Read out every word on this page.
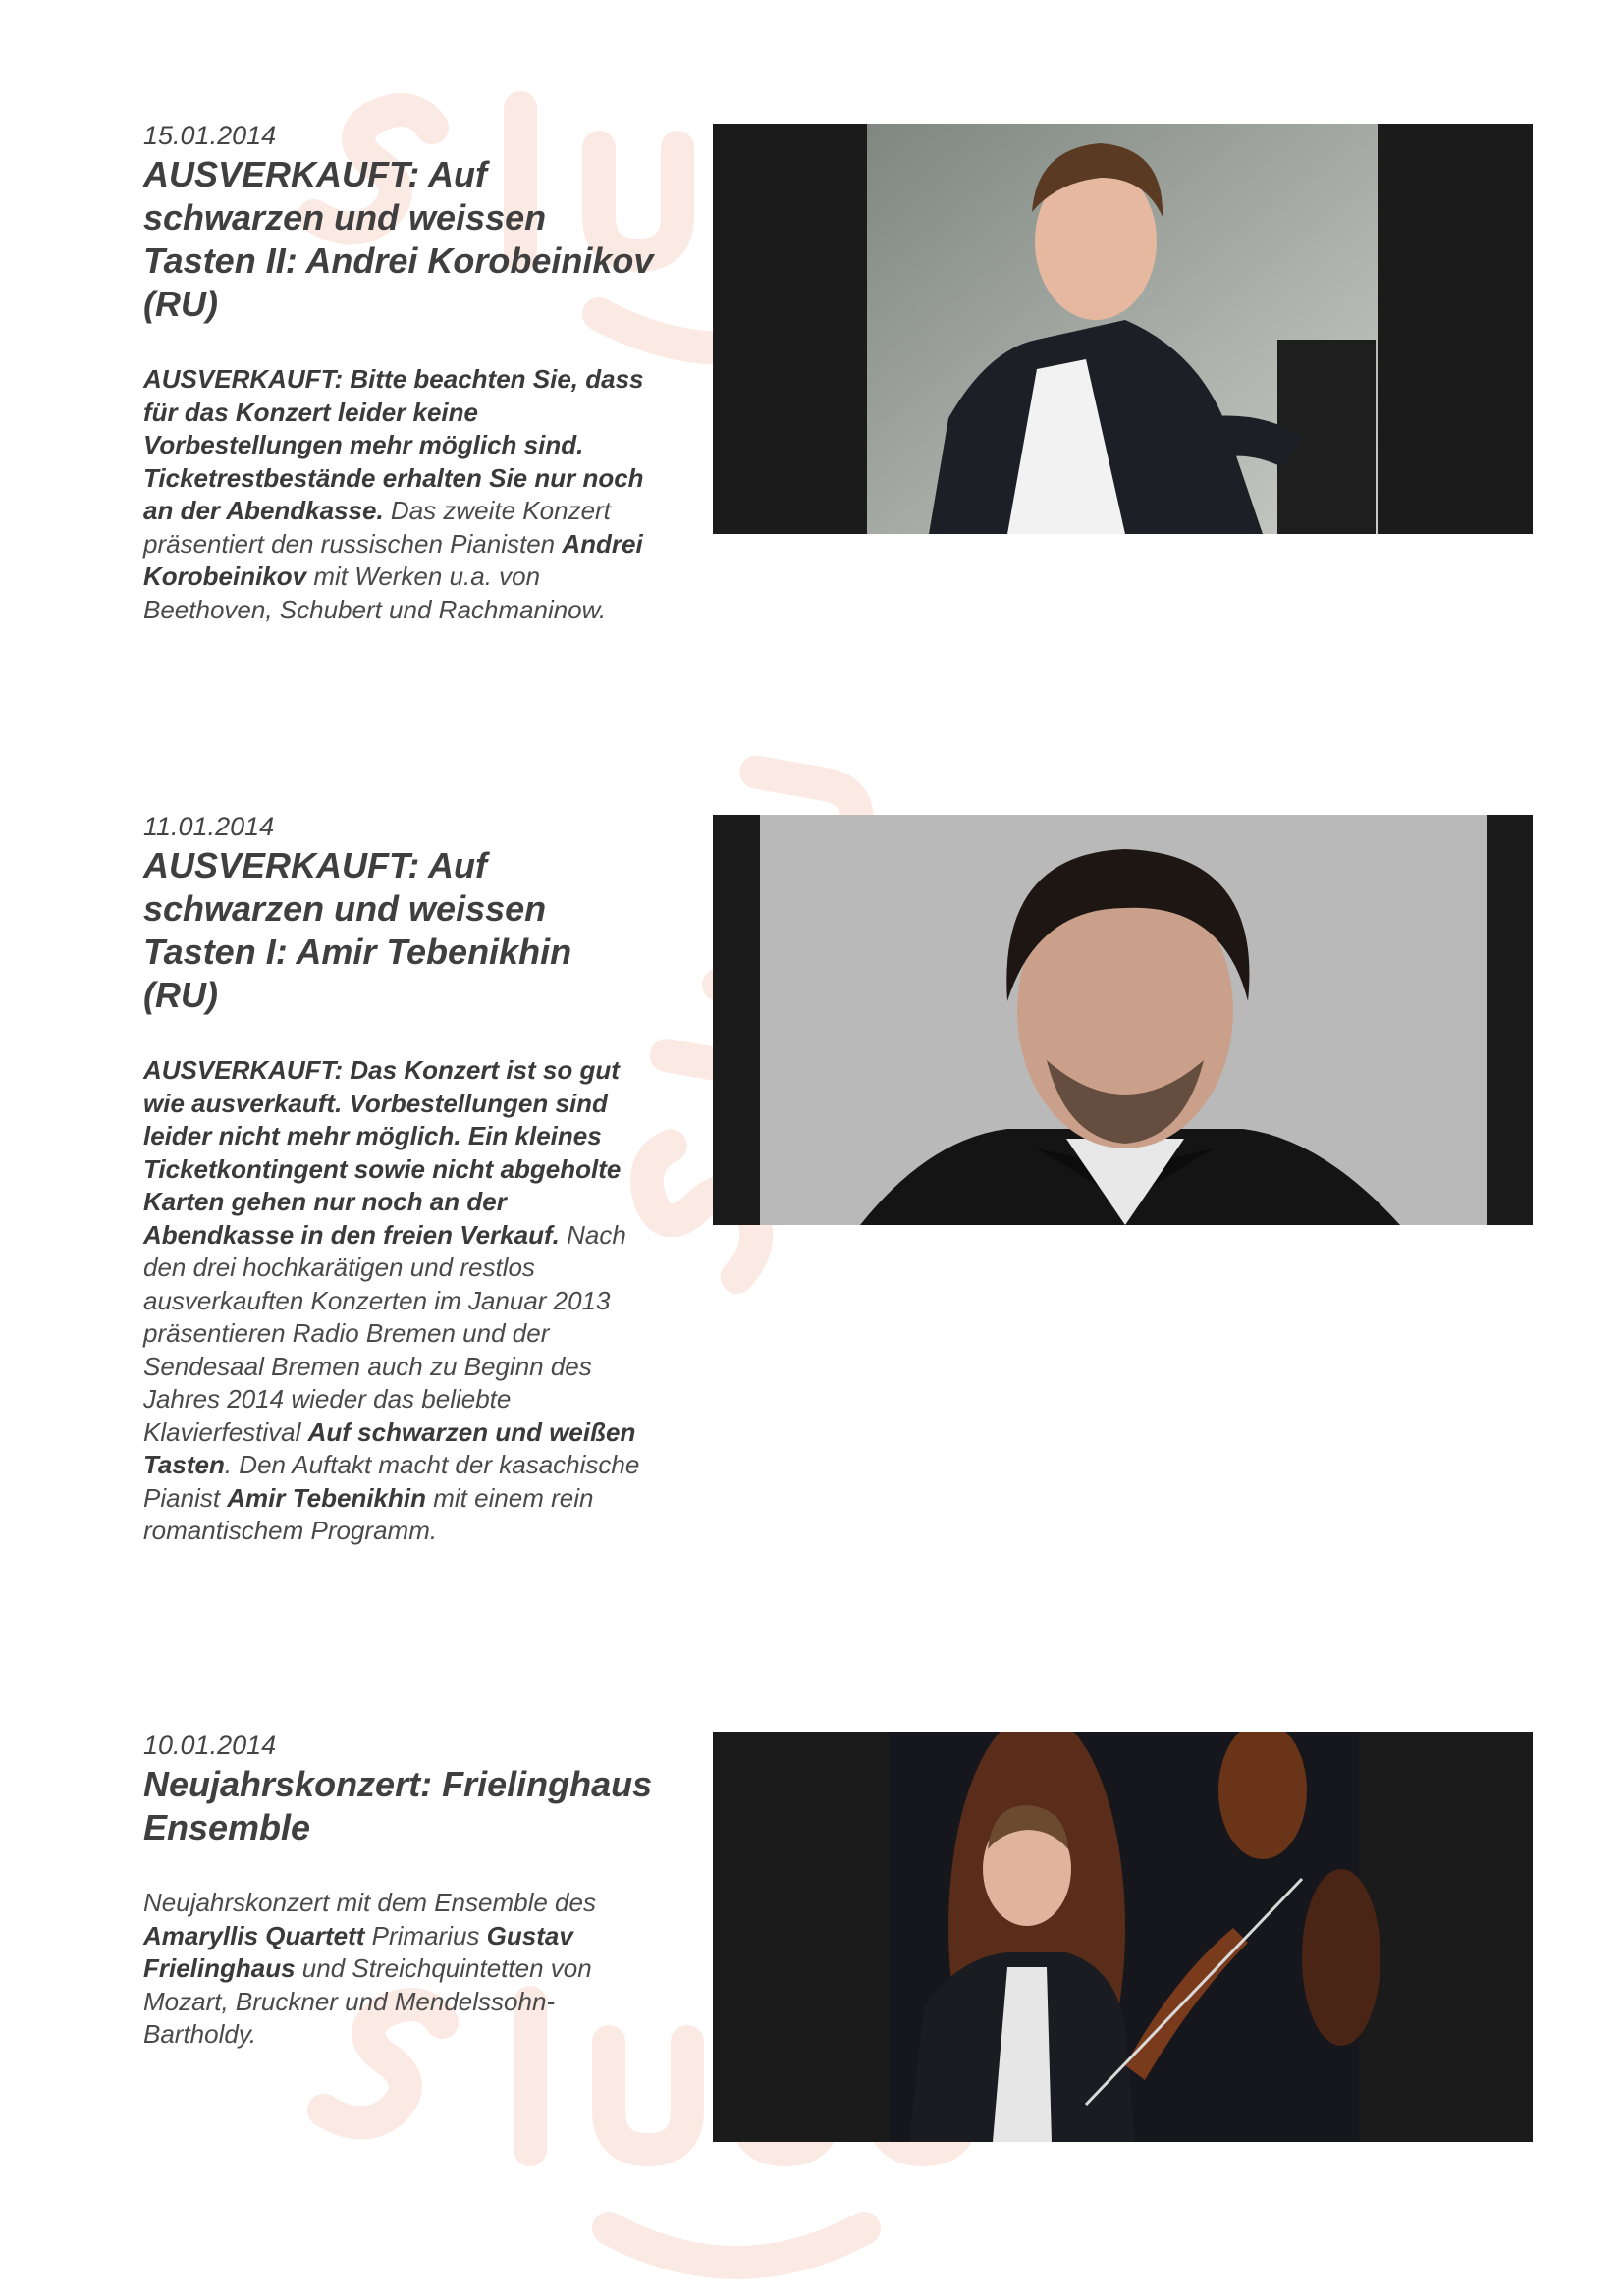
15.01.2014
AUSVERKAUFT: Auf schwarzen und weissen Tasten II: Andrei Korobeinikov (RU)
AUSVERKAUFT: Bitte beachten Sie, dass für das Konzert leider keine Vorbestellungen mehr möglich sind. Ticketrestbestände erhalten Sie nur noch an der Abendkasse. Das zweite Konzert präsentiert den russischen Pianisten Andrei Korobeinikov mit Werken u.a. von Beethoven, Schubert und Rachmaninow.
11.01.2014
AUSVERKAUFT: Auf schwarzen und weissen Tasten I: Amir Tebenikhin (RU)
AUSVERKAUFT: Das Konzert ist so gut wie ausverkauft. Vorbestellungen sind leider nicht mehr möglich. Ein kleines Ticketkontingent sowie nicht abgeholte Karten gehen nur noch an der Abendkasse in den freien Verkauf. Nach den drei hochkarätigen und restlos ausverkauften Konzerten im Januar 2013 präsentieren Radio Bremen und der Sendesaal Bremen auch zu Beginn des Jahres 2014 wieder das beliebte Klavierfestival Auf schwarzen und weißen Tasten. Den Auftakt macht der kasachische Pianist Amir Tebenikhin mit einem rein romantischem Programm.
10.01.2014
Neujahrskonzert: Frielinghaus Ensemble
Neujahrskonzert mit dem Ensemble des Amaryllis Quartett Primarius Gustav Frielinghaus und Streichquintetten von Mozart, Bruckner und Mendelssohn-Bartholdy.
